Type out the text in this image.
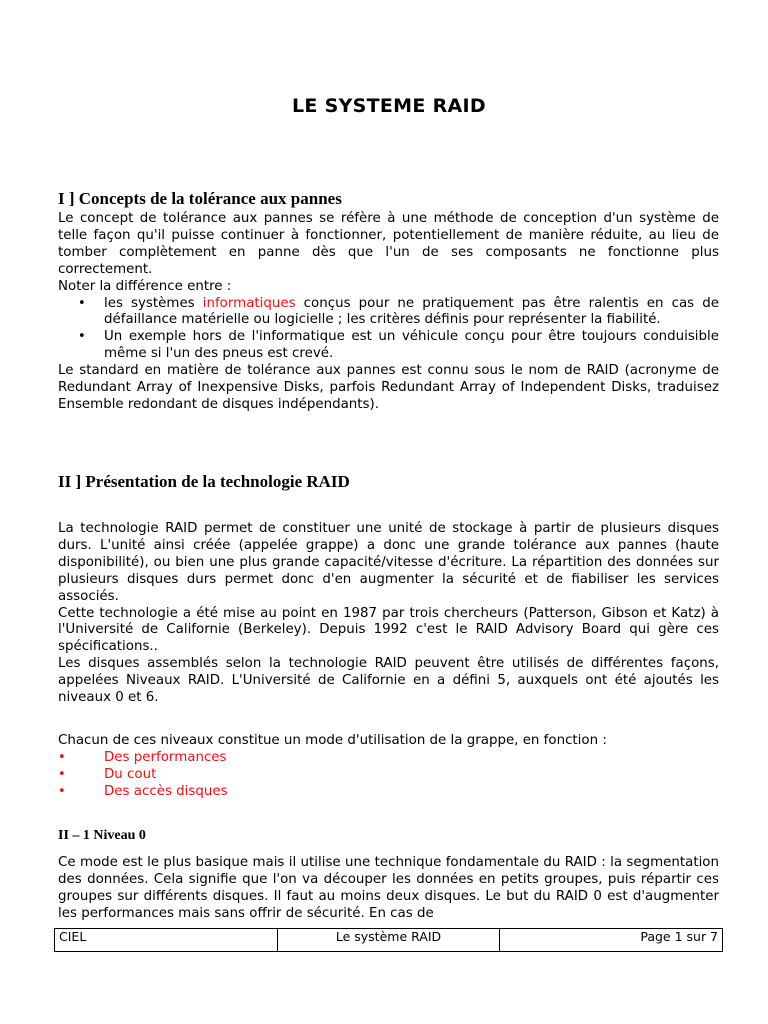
LE SYSTEME RAID
I ] Concepts de la tolérance aux pannes

Le concept de tolérance aux pannes se réfère à une méthode de conception d'un système de telle façon qu'il puisse continuer à fonctionner, potentiellement de manière réduite, au lieu de tomber complètement en panne dès que l'un de ses composants ne fonctionne plus correctement.

Noter la différence entre :

• les systèmes informatiques conçus pour ne pratiquement pas être ralentis en cas de défaillance matérielle ou logicielle ; les critères définis pour représenter la fiabilité.
• Un exemple hors de l'informatique est un véhicule conçu pour être toujours conduisible même si l'un des pneus est crevé.

Le standard en matière de tolérance aux pannes est connu sous le nom de RAID (acronyme de Redundant Array of Inexpensive Disks, parfois Redundant Array of Independent Disks, traduisez Ensemble redondant de disques indépendants).

II ] Présentation de la technologie RAID

La technologie RAID permet de constituer une unité de stockage à partir de plusieurs disques durs. L'unité ainsi créée (appelée grappe) a donc une grande tolérance aux pannes (haute disponibilité), ou bien une plus grande capacité/vitesse d'écriture. La répartition des données sur plusieurs disques durs permet donc d'en augmenter la sécurité et de fiabiliser les services associés.

Cette technologie a été mise au point en 1987 par trois chercheurs (Patterson, Gibson et Katz) à l'Université de Californie (Berkeley). Depuis 1992 c'est le RAID Advisory Board qui gère ces spécifications..

Les disques assemblés selon la technologie RAID peuvent être utilisés de différentes façons, appelées Niveaux RAID. L'Université de Californie en a défini 5, auxquels ont été ajoutés les niveaux 0 et 6.

Chacun de ces niveaux constitue un mode d'utilisation de la grappe, en fonction :

•	Des performances
•	Du cout
•	Des accès disques
II – 1 Niveau 0

Ce mode est le plus basique mais il utilise une technique fondamentale du RAID : la segmentation des données. Cela signifie que l'on va découper les données en petits groupes, puis répartir ces groupes sur différents disques. Il faut au moins deux disques. Le but du RAID 0 est d'augmenter les performances mais sans offrir de sécurité. En cas de

CIEL	Le système RAID	Page 1 sur 7
